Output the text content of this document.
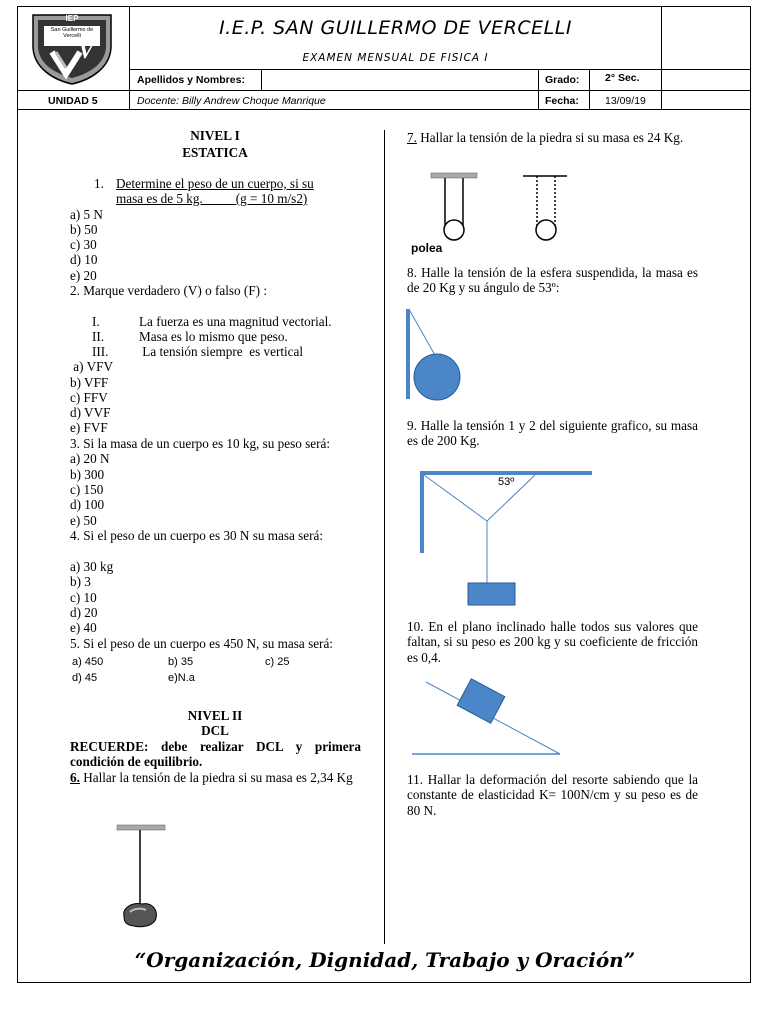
IEP
San Guillermo de Vercelli
V
I.E.P. SAN GUILLERMO DE VERCELLI
EXAMEN MENSUAL DE FISICA I
Apellidos y Nombres:	Grado: 2° Sec.
UNIDAD 5	Docente: Billy Andrew Choque Manrique	Fecha: 13/09/19
NIVEL I
ESTATICA
1. Determine el peso de un cuerpo, si su
masa es de 5 kg.          (g = 10 m/s2)
a) 5 N
b) 50
c) 30
d) 10
e) 20
2. Marque verdadero (V) o falso (F) :
I.	La fuerza es una magnitud vectorial.
II.	Masa es lo mismo que peso.
III. La tensión siempre  es vertical
a) VFV
b) VFF
c) FFV
d) VVF
e) FVF
3. Si la masa de un cuerpo es 10 kg, su peso será:
a) 20 N
b) 300
c) 150
d) 100
e) 50
4. Si el peso de un cuerpo es 30 N su masa será:
a) 30 kg
b) 3
c) 10
d) 20
e) 40
5. Si el peso de un cuerpo es 450 N, su masa será:
a) 450	b) 35	c) 25
d) 45	e)N.a
NIVEL II
DCL
RECUERDE: debe realizar DCL y primera condición de equilibrio.
6. Hallar la tensión de la piedra si su masa es 2,34 Kg
7. Hallar la tensión de la piedra si su masa es 24 Kg.
polea
8. Halle la tensión de la esfera suspendida, la masa es de 20 Kg y su ángulo de 53º:
9. Halle la tensión 1 y 2 del siguiente grafico, su masa es de 200 Kg.
53º
10. En el plano inclinado halle todos sus valores que faltan, si su peso es 200 kg y su coeficiente de fricción es 0,4.
11. Hallar la deformación del resorte sabiendo que la constante de elasticidad K= 100N/cm y su peso es de 80 N.
“Organización, Dignidad, Trabajo y Oración”
